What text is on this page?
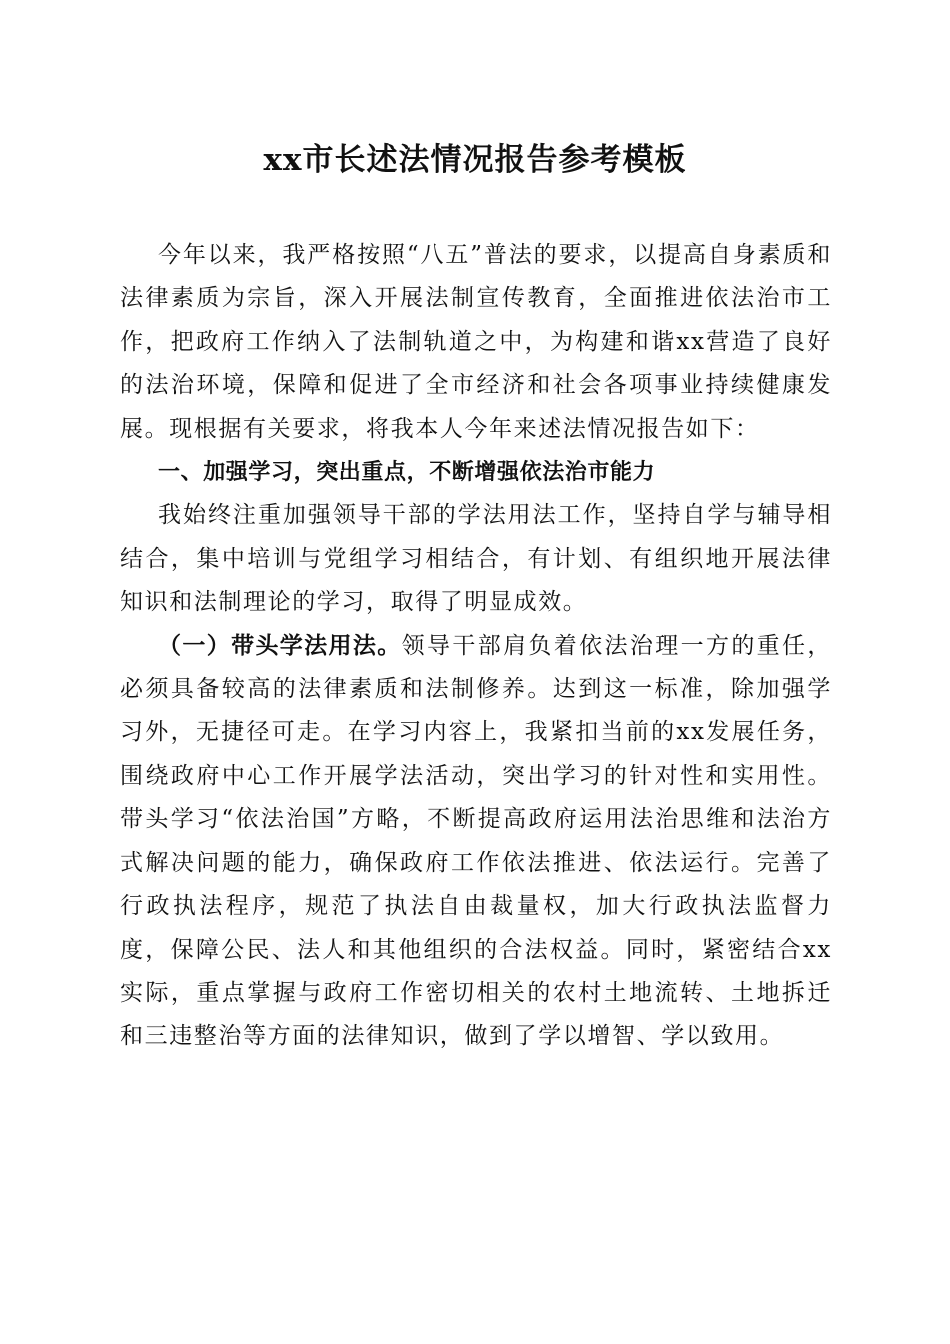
xx市长述法情况报告参考模板

今年以来，我严格按照“八五”普法的要求，以提高自身素质和法律素质为宗旨，深入开展法制宣传教育，全面推进依法治市工作，把政府工作纳入了法制轨道之中，为构建和谐xx营造了良好的法治环境，保障和促进了全市经济和社会各项事业持续健康发展。现根据有关要求，将我本人今年来述法情况报告如下：

一、加强学习，突出重点，不断增强依法治市能力

我始终注重加强领导干部的学法用法工作，坚持自学与辅导相结合，集中培训与党组学习相结合，有计划、有组织地开展法律知识和法制理论的学习，取得了明显成效。

（一）带头学法用法。领导干部肩负着依法治理一方的重任，必须具备较高的法律素质和法制修养。达到这一标准，除加强学习外，无捷径可走。在学习内容上，我紧扣当前的xx发展任务，围绕政府中心工作开展学法活动，突出学习的针对性和实用性。带头学习“依法治国”方略，不断提高政府运用法治思维和法治方式解决问题的能力，确保政府工作依法推进、依法运行。完善了行政执法程序，规范了执法自由裁量权，加大行政执法监督力度，保障公民、法人和其他组织的合法权益。同时，紧密结合xx实际，重点掌握与政府工作密切相关的农村土地流转、土地拆迁和三违整治等方面的法律知识，做到了学以增智、学以致用。
